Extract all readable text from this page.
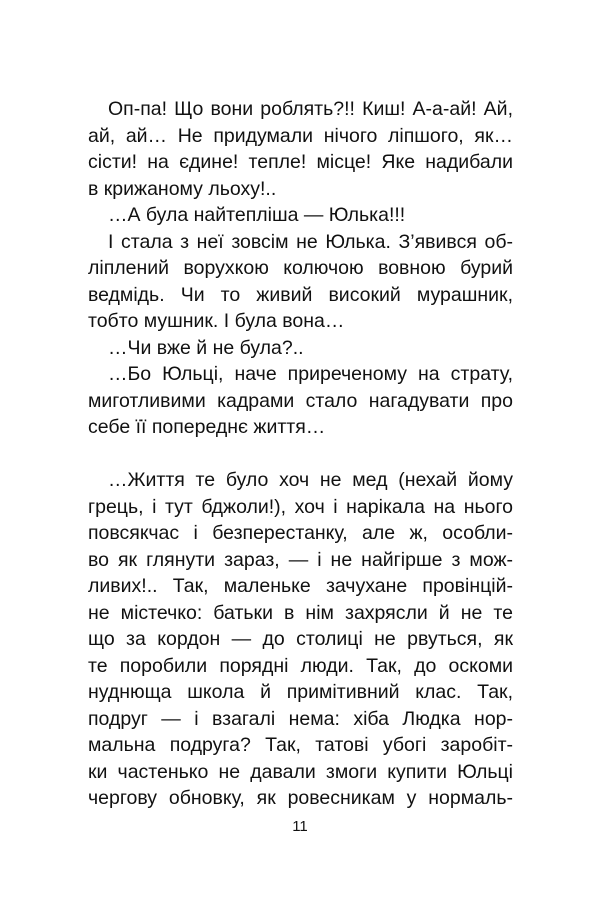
Оп-па! Що вони роблять?!! Киш! А-а-ай! Ай,
ай, ай… Не придумали нічого ліпшого, як…
сісти! на єдине! тепле! місце! Яке надибали
в крижаному льоху!..
…А була найтепліша — Юлька!!!
І стала з неї зовсім не Юлька. З’явився об-
ліплений ворухкою колючою вовною бурий
ведмідь. Чи то живий високий мурашник,
тобто мушник. І була вона…
…Чи вже й не була?..
…Бо Юльці, наче приреченому на страту,
миготливими кадрами стало нагадувати про
себе її попереднє життя…
…Життя те було хоч не мед (нехай йому
грець, і тут бджоли!), хоч і нарікала на нього
повсякчас і безперестанку, але ж, особли-
во як глянути зараз, — і не найгірше з мож-
ливих!.. Так, маленьке зачухане провінцій-
не містечко: батьки в нім захрясли й не те
що за кордон — до столиці не рвуться, як
те поробили порядні люди. Так, до оскоми
нуднюща школа й примітивний клас. Так,
подруг — і взагалі нема: хіба Людка нор-
мальна подруга? Так, татові убогі заробіт-
ки частенько не давали змоги купити Юльці
чергову обновку, як ровесникам у нормаль-
11
